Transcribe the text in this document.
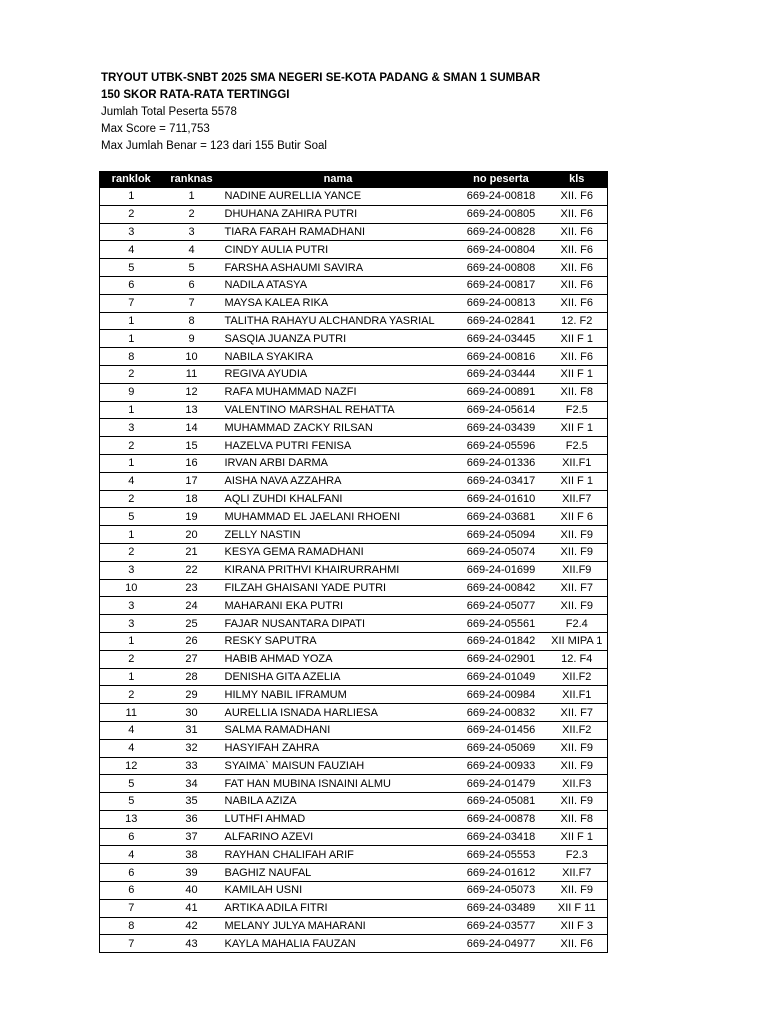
TRYOUT UTBK-SNBT 2025 SMA NEGERI SE-KOTA PADANG & SMAN 1 SUMBAR
150 SKOR RATA-RATA TERTINGGI
Jumlah Total Peserta 5578
Max Score = 711,753
Max Jumlah Benar = 123 dari 155 Butir Soal
ranklok	ranknas	nama	no peserta	kls
1	1	NADINE AURELLIA YANCE	669-24-00818	XII. F6
2	2	DHUHANA ZAHIRA PUTRI	669-24-00805	XII. F6
3	3	TIARA FARAH RAMADHANI	669-24-00828	XII. F6
4	4	CINDY AULIA PUTRI	669-24-00804	XII. F6
5	5	FARSHA ASHAUMI SAVIRA	669-24-00808	XII. F6
6	6	NADILA ATASYA	669-24-00817	XII. F6
7	7	MAYSA KALEA RIKA	669-24-00813	XII. F6
1	8	TALITHA RAHAYU ALCHANDRA YASRIAL	669-24-02841	12. F2
1	9	SASQIA JUANZA PUTRI	669-24-03445	XII F 1
8	10	NABILA SYAKIRA	669-24-00816	XII. F6
2	11	REGIVA AYUDIA	669-24-03444	XII F 1
9	12	RAFA MUHAMMAD NAZFI	669-24-00891	XII. F8
1	13	VALENTINO MARSHAL REHATTA	669-24-05614	F2.5
3	14	MUHAMMAD ZACKY RILSAN	669-24-03439	XII F 1
2	15	HAZELVA PUTRI FENISA	669-24-05596	F2.5
1	16	IRVAN ARBI DARMA	669-24-01336	XII.F1
4	17	AISHA NAVA AZZAHRA	669-24-03417	XII F 1
2	18	AQLI ZUHDI KHALFANI	669-24-01610	XII.F7
5	19	MUHAMMAD EL JAELANI RHOENI	669-24-03681	XII F 6
1	20	ZELLY NASTIN	669-24-05094	XII. F9
2	21	KESYA GEMA RAMADHANI	669-24-05074	XII. F9
3	22	KIRANA PRITHVI KHAIRURRAHMI	669-24-01699	XII.F9
10	23	FILZAH GHAISANI YADE PUTRI	669-24-00842	XII. F7
3	24	MAHARANI EKA PUTRI	669-24-05077	XII. F9
3	25	FAJAR NUSANTARA DIPATI	669-24-05561	F2.4
1	26	RESKY SAPUTRA	669-24-01842	XII MIPA 1
2	27	HABIB AHMAD YOZA	669-24-02901	12. F4
1	28	DENISHA GITA AZELIA	669-24-01049	XII.F2
2	29	HILMY NABIL IFRAMUM	669-24-00984	XII.F1
11	30	AURELLIA ISNADA HARLIESA	669-24-00832	XII. F7
4	31	SALMA RAMADHANI	669-24-01456	XII.F2
4	32	HASYIFAH ZAHRA	669-24-05069	XII. F9
12	33	SYAIMA` MAISUN FAUZIAH	669-24-00933	XII. F9
5	34	FAT HAN MUBINA ISNAINI ALMU	669-24-01479	XII.F3
5	35	NABILA AZIZA	669-24-05081	XII. F9
13	36	LUTHFI AHMAD	669-24-00878	XII. F8
6	37	ALFARINO AZEVI	669-24-03418	XII F 1
4	38	RAYHAN CHALIFAH ARIF	669-24-05553	F2.3
6	39	BAGHIZ NAUFAL	669-24-01612	XII.F7
6	40	KAMILAH USNI	669-24-05073	XII. F9
7	41	ARTIKA ADILA FITRI	669-24-03489	XII F 11
8	42	MELANY JULYA MAHARANI	669-24-03577	XII F 3
7	43	KAYLA MAHALIA FAUZAN	669-24-04977	XII. F6
